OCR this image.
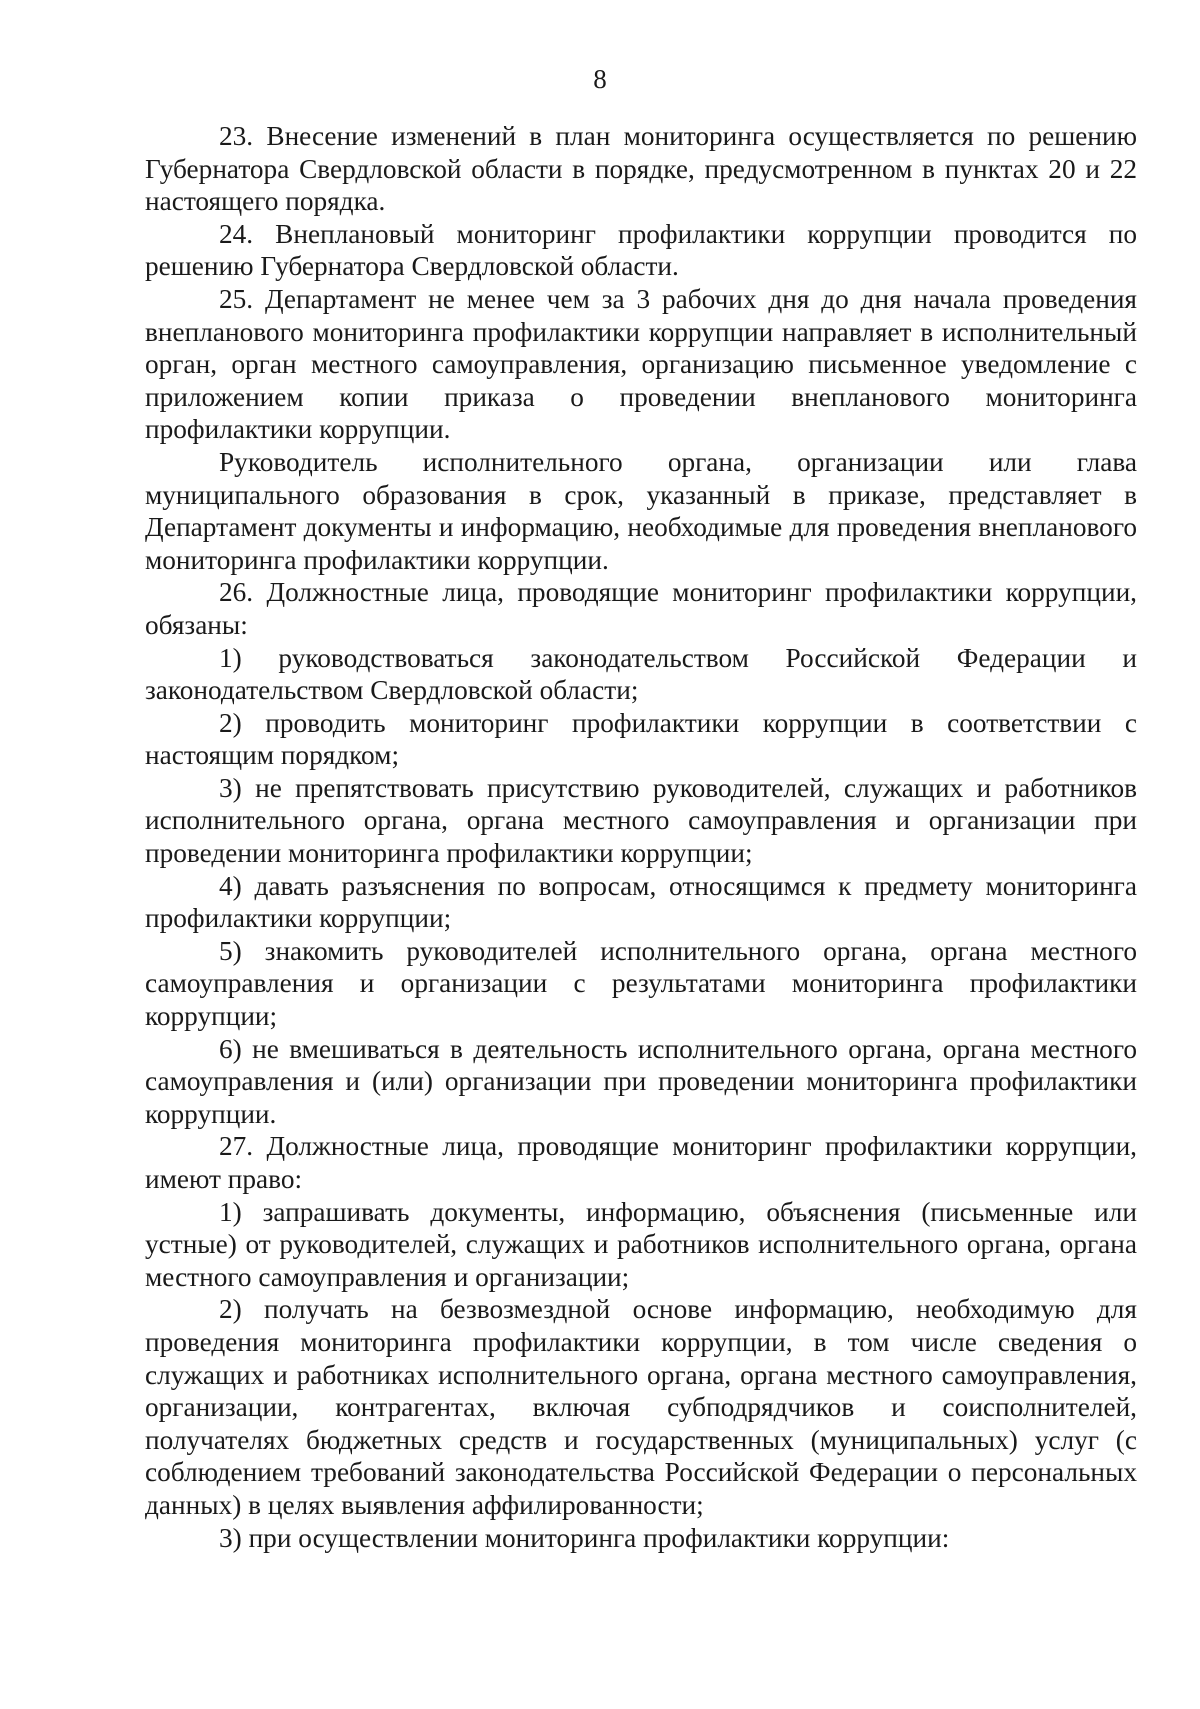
8

23. Внесение изменений в план мониторинга осуществляется по решению Губернатора Свердловской области в порядке, предусмотренном в пунктах 20 и 22 настоящего порядка.

24. Внеплановый мониторинг профилактики коррупции проводится по решению Губернатора Свердловской области.

25. Департамент не менее чем за 3 рабочих дня до дня начала проведения внепланового мониторинга профилактики коррупции направляет в исполнительный орган, орган местного самоуправления, организацию письменное уведомление с приложением копии приказа о проведении внепланового мониторинга профилактики коррупции.

Руководитель исполнительного органа, организации или глава муниципального образования в срок, указанный в приказе, представляет в Департамент документы и информацию, необходимые для проведения внепланового мониторинга профилактики коррупции.

26. Должностные лица, проводящие мониторинг профилактики коррупции, обязаны:

1) руководствоваться законодательством Российской Федерации и законодательством Свердловской области;

2) проводить мониторинг профилактики коррупции в соответствии с настоящим порядком;

3) не препятствовать присутствию руководителей, служащих и работников исполнительного органа, органа местного самоуправления и организации при проведении мониторинга профилактики коррупции;

4) давать разъяснения по вопросам, относящимся к предмету мониторинга профилактики коррупции;

5) знакомить руководителей исполнительного органа, органа местного самоуправления и организации с результатами мониторинга профилактики коррупции;

6) не вмешиваться в деятельность исполнительного органа, органа местного самоуправления и (или) организации при проведении мониторинга профилактики коррупции.

27. Должностные лица, проводящие мониторинг профилактики коррупции, имеют право:

1) запрашивать документы, информацию, объяснения (письменные или устные) от руководителей, служащих и работников исполнительного органа, органа местного самоуправления и организации;

2) получать на безвозмездной основе информацию, необходимую для проведения мониторинга профилактики коррупции, в том числе сведения о служащих и работниках исполнительного органа, органа местного самоуправления, организации, контрагентах, включая субподрядчиков и соисполнителей, получателях бюджетных средств и государственных (муниципальных) услуг (с соблюдением требований законодательства Российской Федерации о персональных данных) в целях выявления аффилированности;

3) при осуществлении мониторинга профилактики коррупции:
